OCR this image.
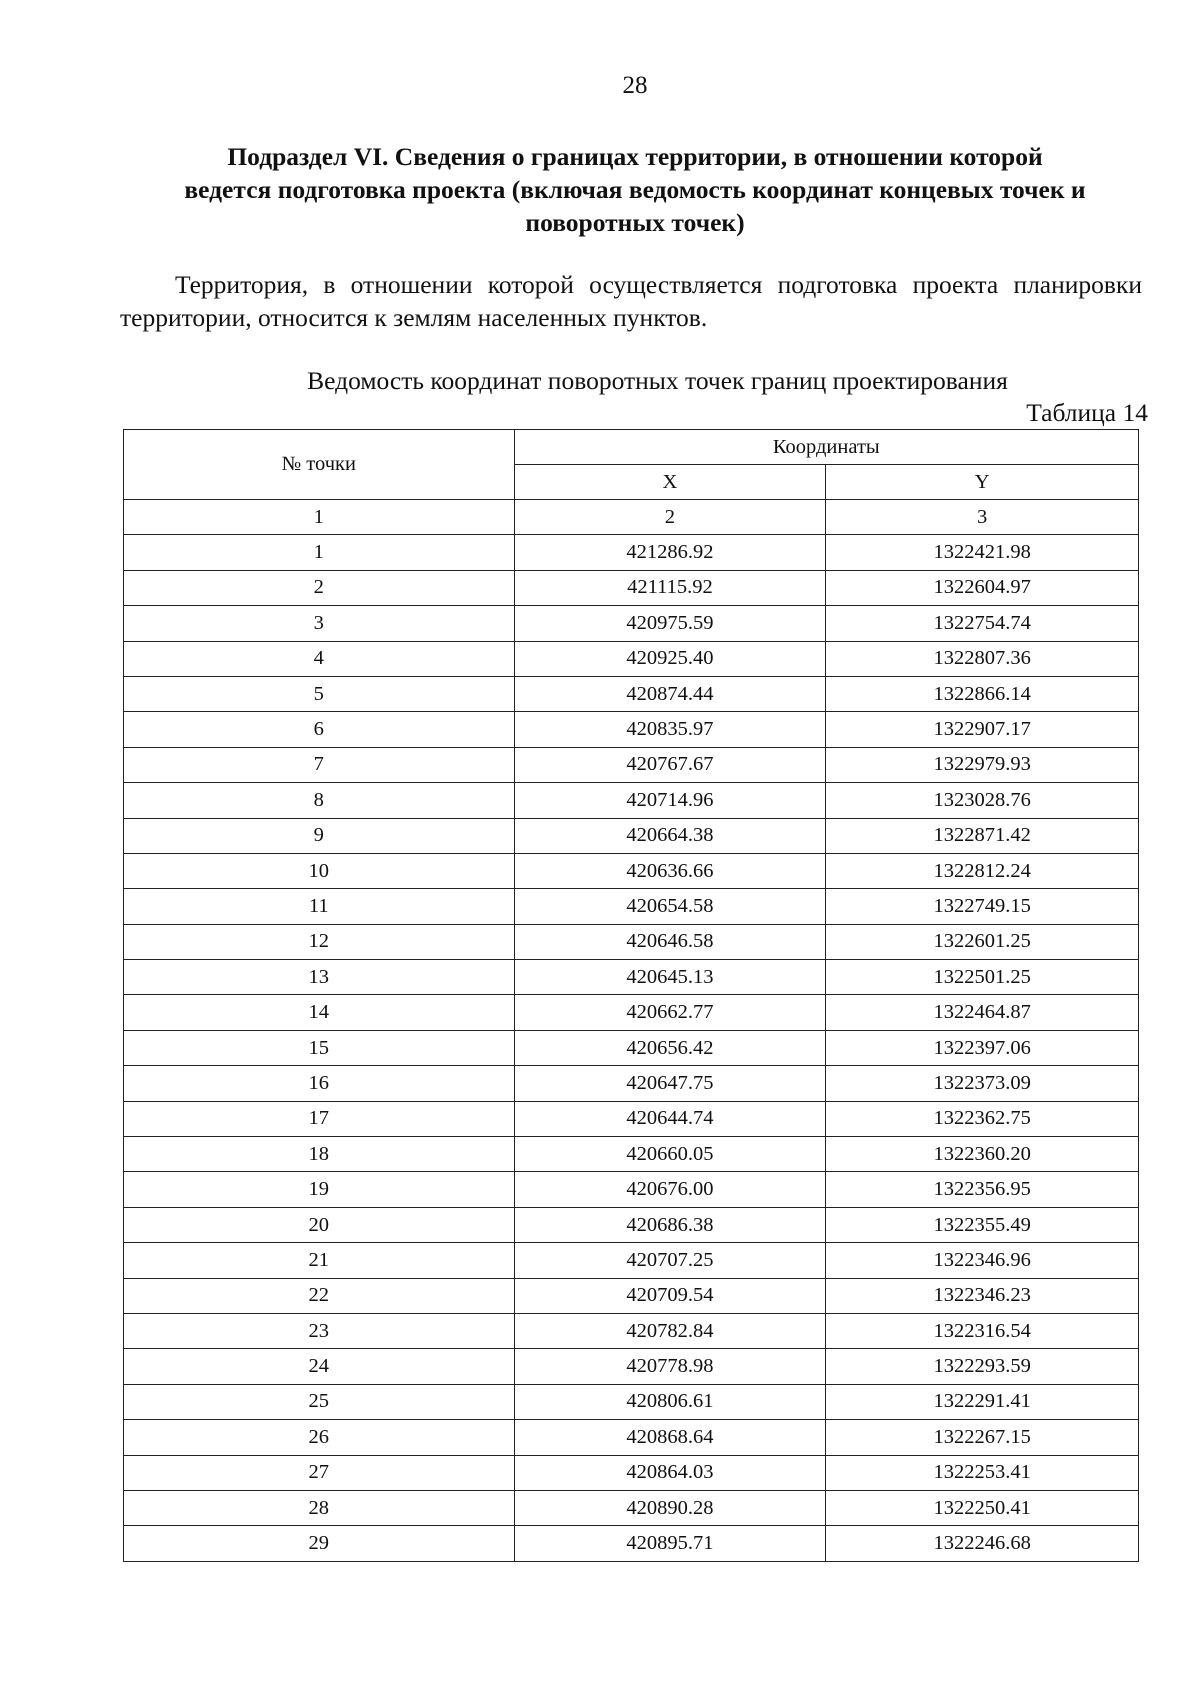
28
Подраздел VI. Сведения о границах территории, в отношении которой
ведется подготовка проекта (включая ведомость координат концевых точек и
поворотных точек)
Территория, в отношении которой осуществляется подготовка проекта планировки территории, относится к землям населенных пунктов.
Ведомость координат поворотных точек границ проектирования
Таблица 14
№ точки	Координаты	
	X	Y
1	2	3
1	421286.92	1322421.98
2	421115.92	1322604.97
3	420975.59	1322754.74
4	420925.40	1322807.36
5	420874.44	1322866.14
6	420835.97	1322907.17
7	420767.67	1322979.93
8	420714.96	1323028.76
9	420664.38	1322871.42
10	420636.66	1322812.24
11	420654.58	1322749.15
12	420646.58	1322601.25
13	420645.13	1322501.25
14	420662.77	1322464.87
15	420656.42	1322397.06
16	420647.75	1322373.09
17	420644.74	1322362.75
18	420660.05	1322360.20
19	420676.00	1322356.95
20	420686.38	1322355.49
21	420707.25	1322346.96
22	420709.54	1322346.23
23	420782.84	1322316.54
24	420778.98	1322293.59
25	420806.61	1322291.41
26	420868.64	1322267.15
27	420864.03	1322253.41
28	420890.28	1322250.41
29	420895.71	1322246.68
